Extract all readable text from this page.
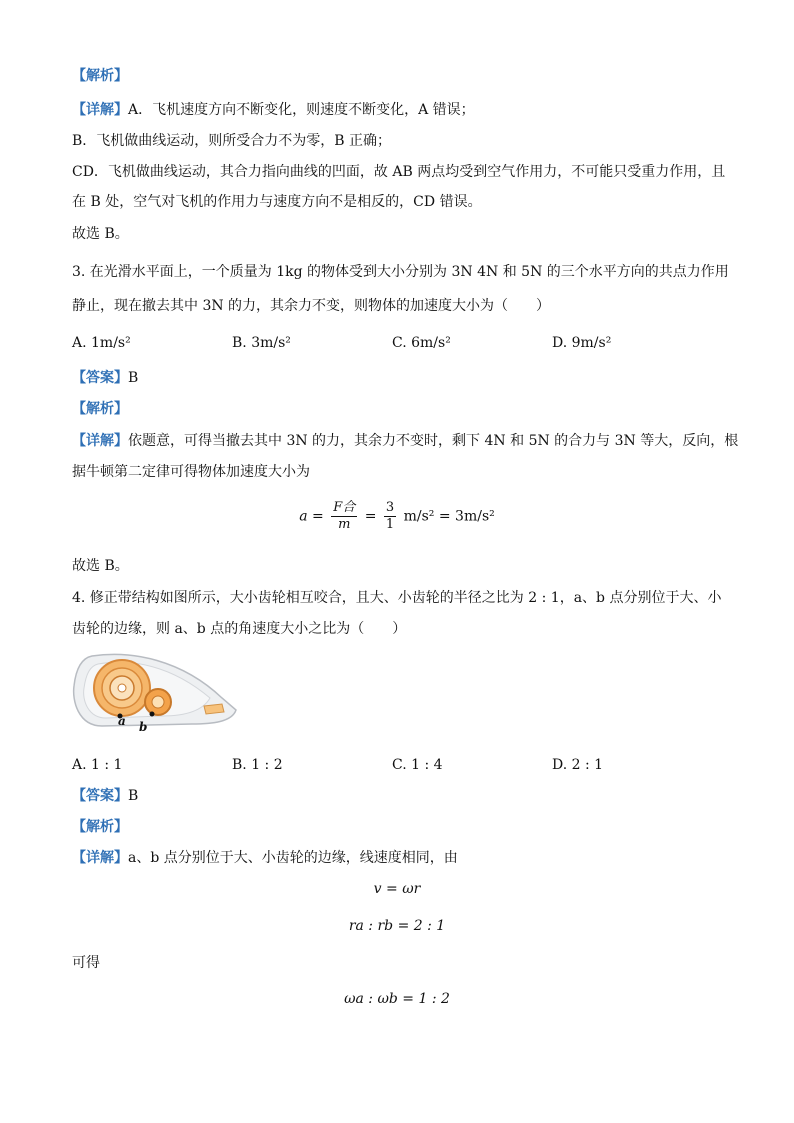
【解析】
【详解】A．飞机速度方向不断变化，则速度不断变化，A 错误；
B．飞机做曲线运动，则所受合力不为零，B 正确；
CD．飞机做曲线运动，其合力指向曲线的凹面，故 AB 两点均受到空气作用力，不可能只受重力作用，且
在 B 处，空气对飞机的作用力与速度方向不是相反的，CD 错误。
故选 B。
3. 在光滑水平面上，一个质量为 1kg 的物体受到大小分别为 3N 4N 和 5N 的三个水平方向的共点力作用
静止，现在撤去其中 3N 的力，其余力不变，则物体的加速度大小为（　　）
A. 1m/s²	B. 3m/s²	C. 6m/s²	D. 9m/s²
【答案】B
【解析】
【详解】依题意，可得当撤去其中 3N 的力，其余力不变时，剩下 4N 和 5N 的合力与 3N 等大，反向，根
据牛顿第二定律可得物体加速度大小为
$a = \frac{\text{F合}}{m} = \frac{3}{1} m/s^2 = 3m/s^2$
故选 B。
4. 修正带结构如图所示，大小齿轮相互咬合，且大、小齿轮的半径之比为 2 : 1，a、b 点分别位于大、小
齿轮的边缘，则 a、b 点的角速度大小之比为（　　）
a b
A. 1 : 1	B. 1 : 2	C. 1 : 4	D. 2 : 1
【答案】B
【解析】
【详解】a、b 点分别位于大、小齿轮的边缘，线速度相同，由
v = ωr
ra : rb = 2 : 1
可得
ωa : ωb = 1 : 2
